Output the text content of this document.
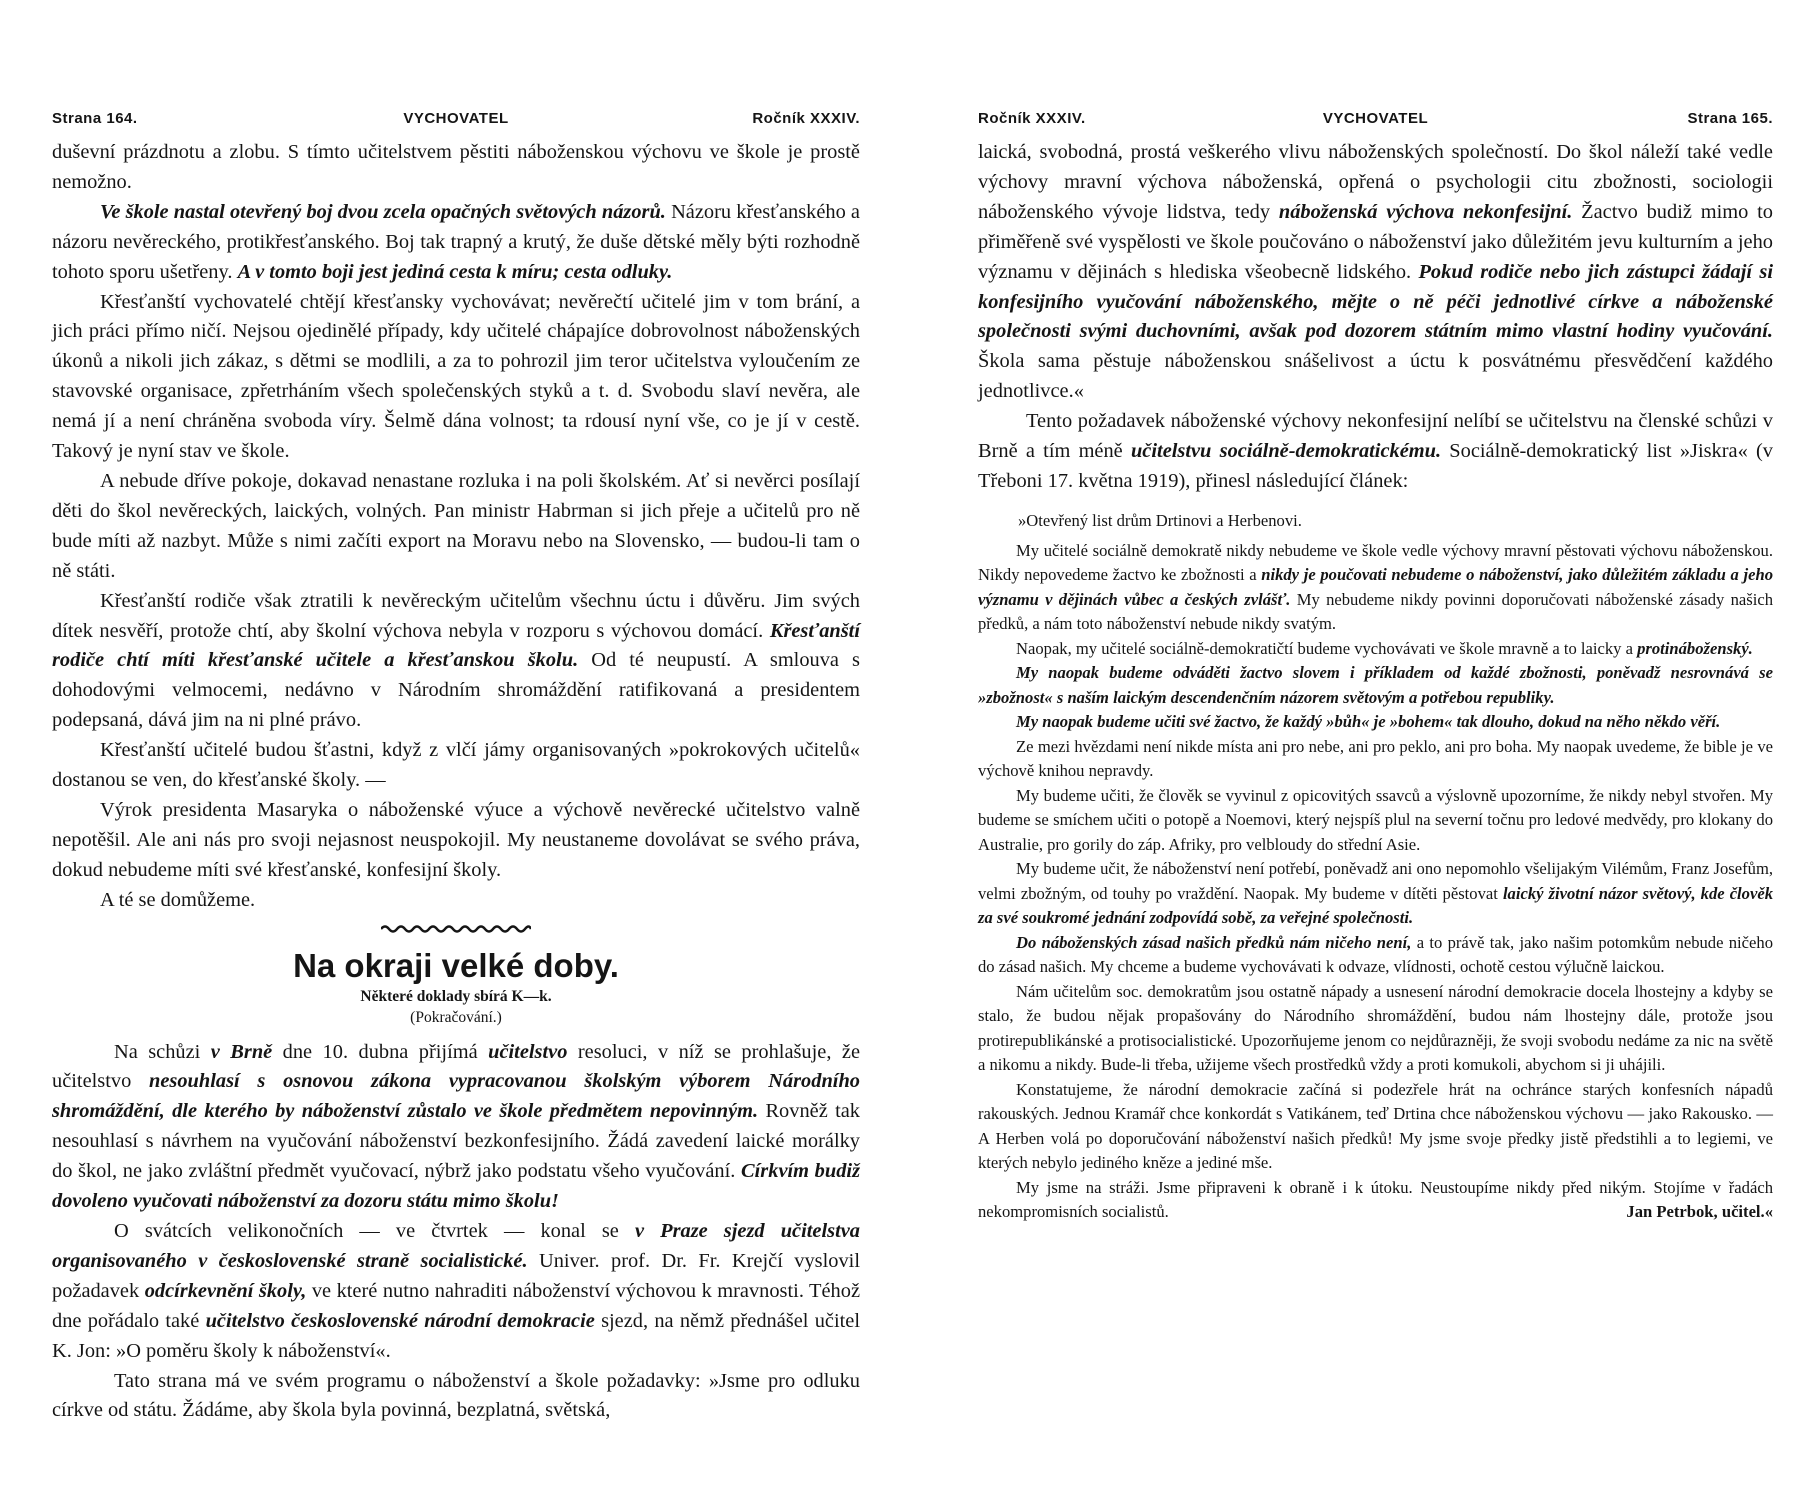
Strana 164.	VYCHOVATEL	Ročník XXXIV.

duševní prázdnotu a zlobu. S tímto učitelstvem pěstiti náboženskou výchovu ve škole je prostě nemožno.

Ve škole nastal otevřený boj dvou zcela opačných světových názorů. Názoru křesťanského a názoru nevěreckého, protikřesťanského. Boj tak trapný a krutý, že duše dětské měly býti rozhodně tohoto sporu ušetřeny. A v tomto boji jest jediná cesta k míru; cesta odluky.

Křesťanští vychovatelé chtějí křesťansky vychovávat; nevěrečtí učitelé jim v tom brání, a jich práci přímo ničí. Nejsou ojedinělé případy, kdy učitelé chápajíce dobrovolnost náboženských úkonů a nikoli jich zákaz, s dětmi se modlili, a za to pohrozil jim teror učitelstva vyloučením ze stavovské organisace, zpřetrháním všech společenských styků a t. d. Svobodu slaví nevěra, ale nemá jí a není chráněna svoboda víry. Šelmě dána volnost; ta rdousí nyní vše, co je jí v cestě. Takový je nyní stav ve škole.

A nebude dříve pokoje, dokavad nenastane rozluka i na poli školském. Ať si nevěrci posílají děti do škol nevěreckých, laických, volných. Pan ministr Habrman si jich přeje a učitelů pro ně bude míti až nazbyt. Může s nimi začíti export na Moravu nebo na Slovensko, — budou-li tam o ně státi.

Křesťanští rodiče však ztratili k nevěreckým učitelům všechnu úctu i důvěru. Jim svých dítek nesvěří, protože chtí, aby školní výchova nebyla v rozporu s výchovou domácí. Křesťanští rodiče chtí míti křesťanské učitele a křesťanskou školu. Od té neupustí. A smlouva s dohodovými velmocemi, nedávno v Národním shromáždění ratifikovaná a presidentem podepsaná, dává jim na ni plné právo.

Křesťanští učitelé budou šťastni, když z vlčí jámy organisovaných »pokrokových učitelů« dostanou se ven, do křesťanské školy. —

Výrok presidenta Masaryka o náboženské výuce a výchově nevěrecké učitelstvo valně nepotěšil. Ale ani nás pro svoji nejasnost neuspokojil. My neustaneme dovolávat se svého práva, dokud nebudeme míti své křesťanské, konfesijní školy.

A té se domůžeme.

Na okraji velké doby.
Některé doklady sbírá K—k.
(Pokračování.)

Na schůzi v Brně dne 10. dubna přijímá učitelstvo resoluci, v níž se prohlašuje, že učitelstvo nesouhlasí s osnovou zákona vypracovanou školským výborem Národního shromáždění, dle kterého by náboženství zůstalo ve škole předmětem nepovinným. Rovněž tak nesouhlasí s návrhem na vyučování náboženství bezkonfesijního. Žádá zavedení laické morálky do škol, ne jako zvláštní předmět vyučovací, nýbrž jako podstatu všeho vyučování. Církvím budiž dovoleno vyučovati náboženství za dozoru státu mimo školu!

O svátcích velikonočních — ve čtvrtek — konal se v Praze sjezd učitelstva organisovaného v československé straně socialistické. Univer. prof. Dr. Fr. Krejčí vyslovil požadavek odcírkevnění školy, ve které nutno nahraditi náboženství výchovou k mravnosti. Téhož dne pořádalo také učitelstvo československé národní demokracie sjezd, na němž přednášel učitel K. Jon: »O poměru školy k náboženství«.

Tato strana má ve svém programu o náboženství a škole požadavky: »Jsme pro odluku církve od státu. Žádáme, aby škola byla povinná, bezplatná, světská,

Ročník XXXIV.	VYCHOVATEL	Strana 165.

laická, svobodná, prostá veškerého vlivu náboženských společností. Do škol náleží také vedle výchovy mravní výchova náboženská, opřená o psychologii citu zbožnosti, sociologii náboženského vývoje lidstva, tedy náboženská výchova nekonfesijní. Žactvo budiž mimo to přiměřeně své vyspělosti ve škole poučováno o náboženství jako důležitém jevu kulturním a jeho významu v dějinách s hlediska všeobecně lidského. Pokud rodiče nebo jich zástupci žádají si konfesijního vyučování náboženského, mějte o ně péči jednotlivé církve a náboženské společnosti svými duchovními, avšak pod dozorem státním mimo vlastní hodiny vyučování. Škola sama pěstuje náboženskou snášelivost a úctu k posvátnému přesvědčení každého jednotlivce.«

Tento požadavek náboženské výchovy nekonfesijní nelíbí se učitelstvu na členské schůzi v Brně a tím méně učitelstvu sociálně-demokratickému. Sociálně-demokratický list »Jiskra« (v Třeboni 17. května 1919), přinesl následující článek:

»Otevřený list drům Drtinovi a Herbenovi.

My učitelé sociálně demokratě nikdy nebudeme ve škole vedle výchovy mravní pěstovati výchovu náboženskou. Nikdy nepovedeme žactvo ke zbožnosti a nikdy je poučovati nebudeme o náboženství, jako důležitém základu a jeho významu v dějinách vůbec a českých zvlášť. My nebudeme nikdy povinni doporučovati náboženské zásady našich předků, a nám toto náboženství nebude nikdy svatým.

Naopak, my učitelé sociálně-demokratičtí budeme vychovávati ve škole mravně a to laicky a protináboženský.

My naopak budeme odváděti žactvo slovem i příkladem od každé zbožnosti, poněvadž nesrovnává se »zbožnost« s naším laickým descendenčním názorem světovým a potřebou republiky.

My naopak budeme učiti své žactvo, že každý »bůh« je »bohem« tak dlouho, dokud na něho někdo věří.

Ze mezi hvězdami není nikde místa ani pro nebe, ani pro peklo, ani pro boha. My naopak uvedeme, že bible je ve výchově knihou nepravdy.

My budeme učiti, že člověk se vyvinul z opicovitých ssavců a výslovně upozorníme, že nikdy nebyl stvořen. My budeme se smíchem učiti o potopě a Noemovi, který nejspíš plul na severní točnu pro ledové medvědy, pro klokany do Australie, pro gorily do záp. Afriky, pro velbloudy do střední Asie.

My budeme učit, že náboženství není potřebí, poněvadž ani ono nepomohlo všelijakým Vilémům, Franz Josefům, velmi zbožným, od touhy po vraždění. Naopak. My budeme v dítěti pěstovat laický životní názor světový, kde člověk za své soukromé jednání zodpovídá sobě, za veřejné společnosti.

Do náboženských zásad našich předků nám ničeho není, a to právě tak, jako našim potomkům nebude ničeho do zásad našich. My chceme a budeme vychovávati k odvaze, vlídnosti, ochotě cestou výlučně laickou.

Nám učitelům soc. demokratům jsou ostatně nápady a usnesení národní demokracie docela lhostejny a kdyby se stalo, že budou nějak propašovány do Národního shromáždění, budou nám lhostejny dále, protože jsou protirepublikánské a protisocialistické. Upozorňujeme jenom co nejdůrazněji, že svoji svobodu nedáme za nic na světě a nikomu a nikdy. Bude-li třeba, užijeme všech prostředků vždy a proti komukoli, abychom si ji uhájili.

Konstatujeme, že národní demokracie začíná si podezřele hrát na ochránce starých konfesních nápadů rakouských. Jednou Kramář chce konkordát s Vatikánem, teď Drtina chce náboženskou výchovu — jako Rakousko. — A Herben volá po doporučování náboženství našich předků! My jsme svoje předky jistě předstihli a to legiemi, ve kterých nebylo jediného kněze a jediné mše.

My jsme na stráži. Jsme připraveni k obraně i k útoku. Neustoupíme nikdy před nikým. Stojíme v řadách nekompromisních socialistů.	Jan Petrbok, učitel.«
